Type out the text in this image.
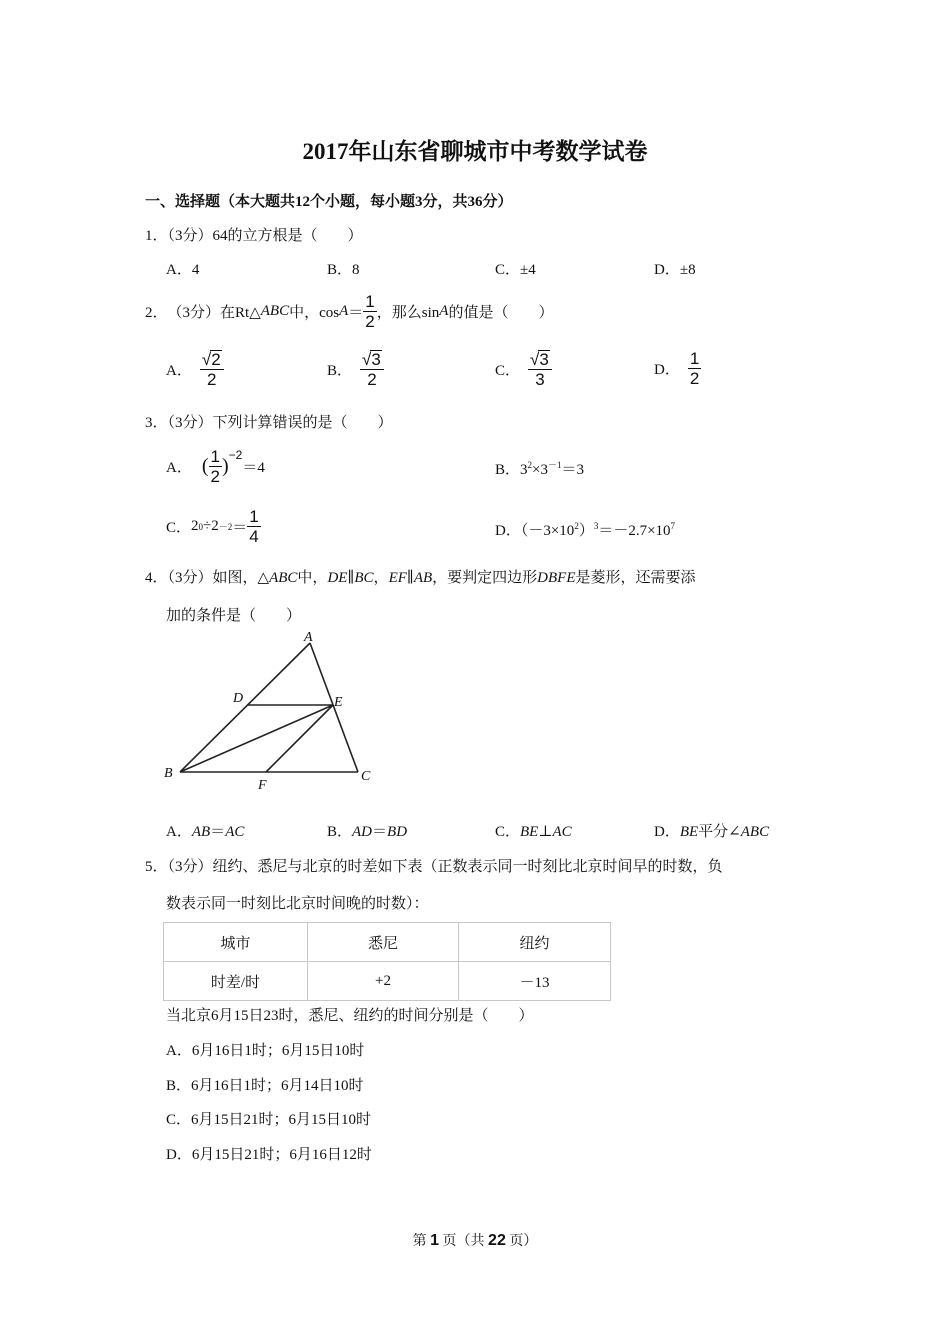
2017年山东省聊城市中考数学试卷
一、选择题（本大题共12个小题，每小题3分，共36分）
1．（3分）64的立方根是（　　）
A．4	B．8	C．±4	D．±8
2． （3分） 在Rt△ ABC 中，$\cos A = \frac{1}{2}$ ，那么sin A 的值是（　　）
A． $\frac{√ 2}{2}$	B． $\frac{√ 3}{2}$	C． $\frac{√ 3}{3}$	D． $\frac{1}{2}$
3．（3分）下列计算错误的是（　　）
A． ( $\frac{1}{2}$ )
−2
＝4	B．$3^2\times 3^{-1}=3$
C． 2 $0 \div 2 -2 = \frac{1}{4}$	D．$(-3\times 10^2)^3=-2.7\times 10^7$
4．（3分）如图，△ABC中，DE∥BC，EF∥AB，要判定四边形DBFE是菱形，还需要添
加的条件是（　　）
A
D	E
B	C
F
A．AB＝AC	B．AD＝BD	C．BE⊥AC	D．BE平分∠ABC
5．（3分）纽约、悉尼与北京的时差如下表（正数表示同一时刻比北京时间早的时数，负
数表示同一时刻比北京时间晚的时数）：
城市	悉尼	纽约
时差/时	+2	－13
当北京6月15日23时，悉尼、纽约的时间分别是（　　）
A．6月16日1时；6月15日10时
B．6月16日1时；6月14日10时
C．6月15日21时；6月15日10时
D．6月15日21时；6月16日12时
第 1 页（共 22 页）
